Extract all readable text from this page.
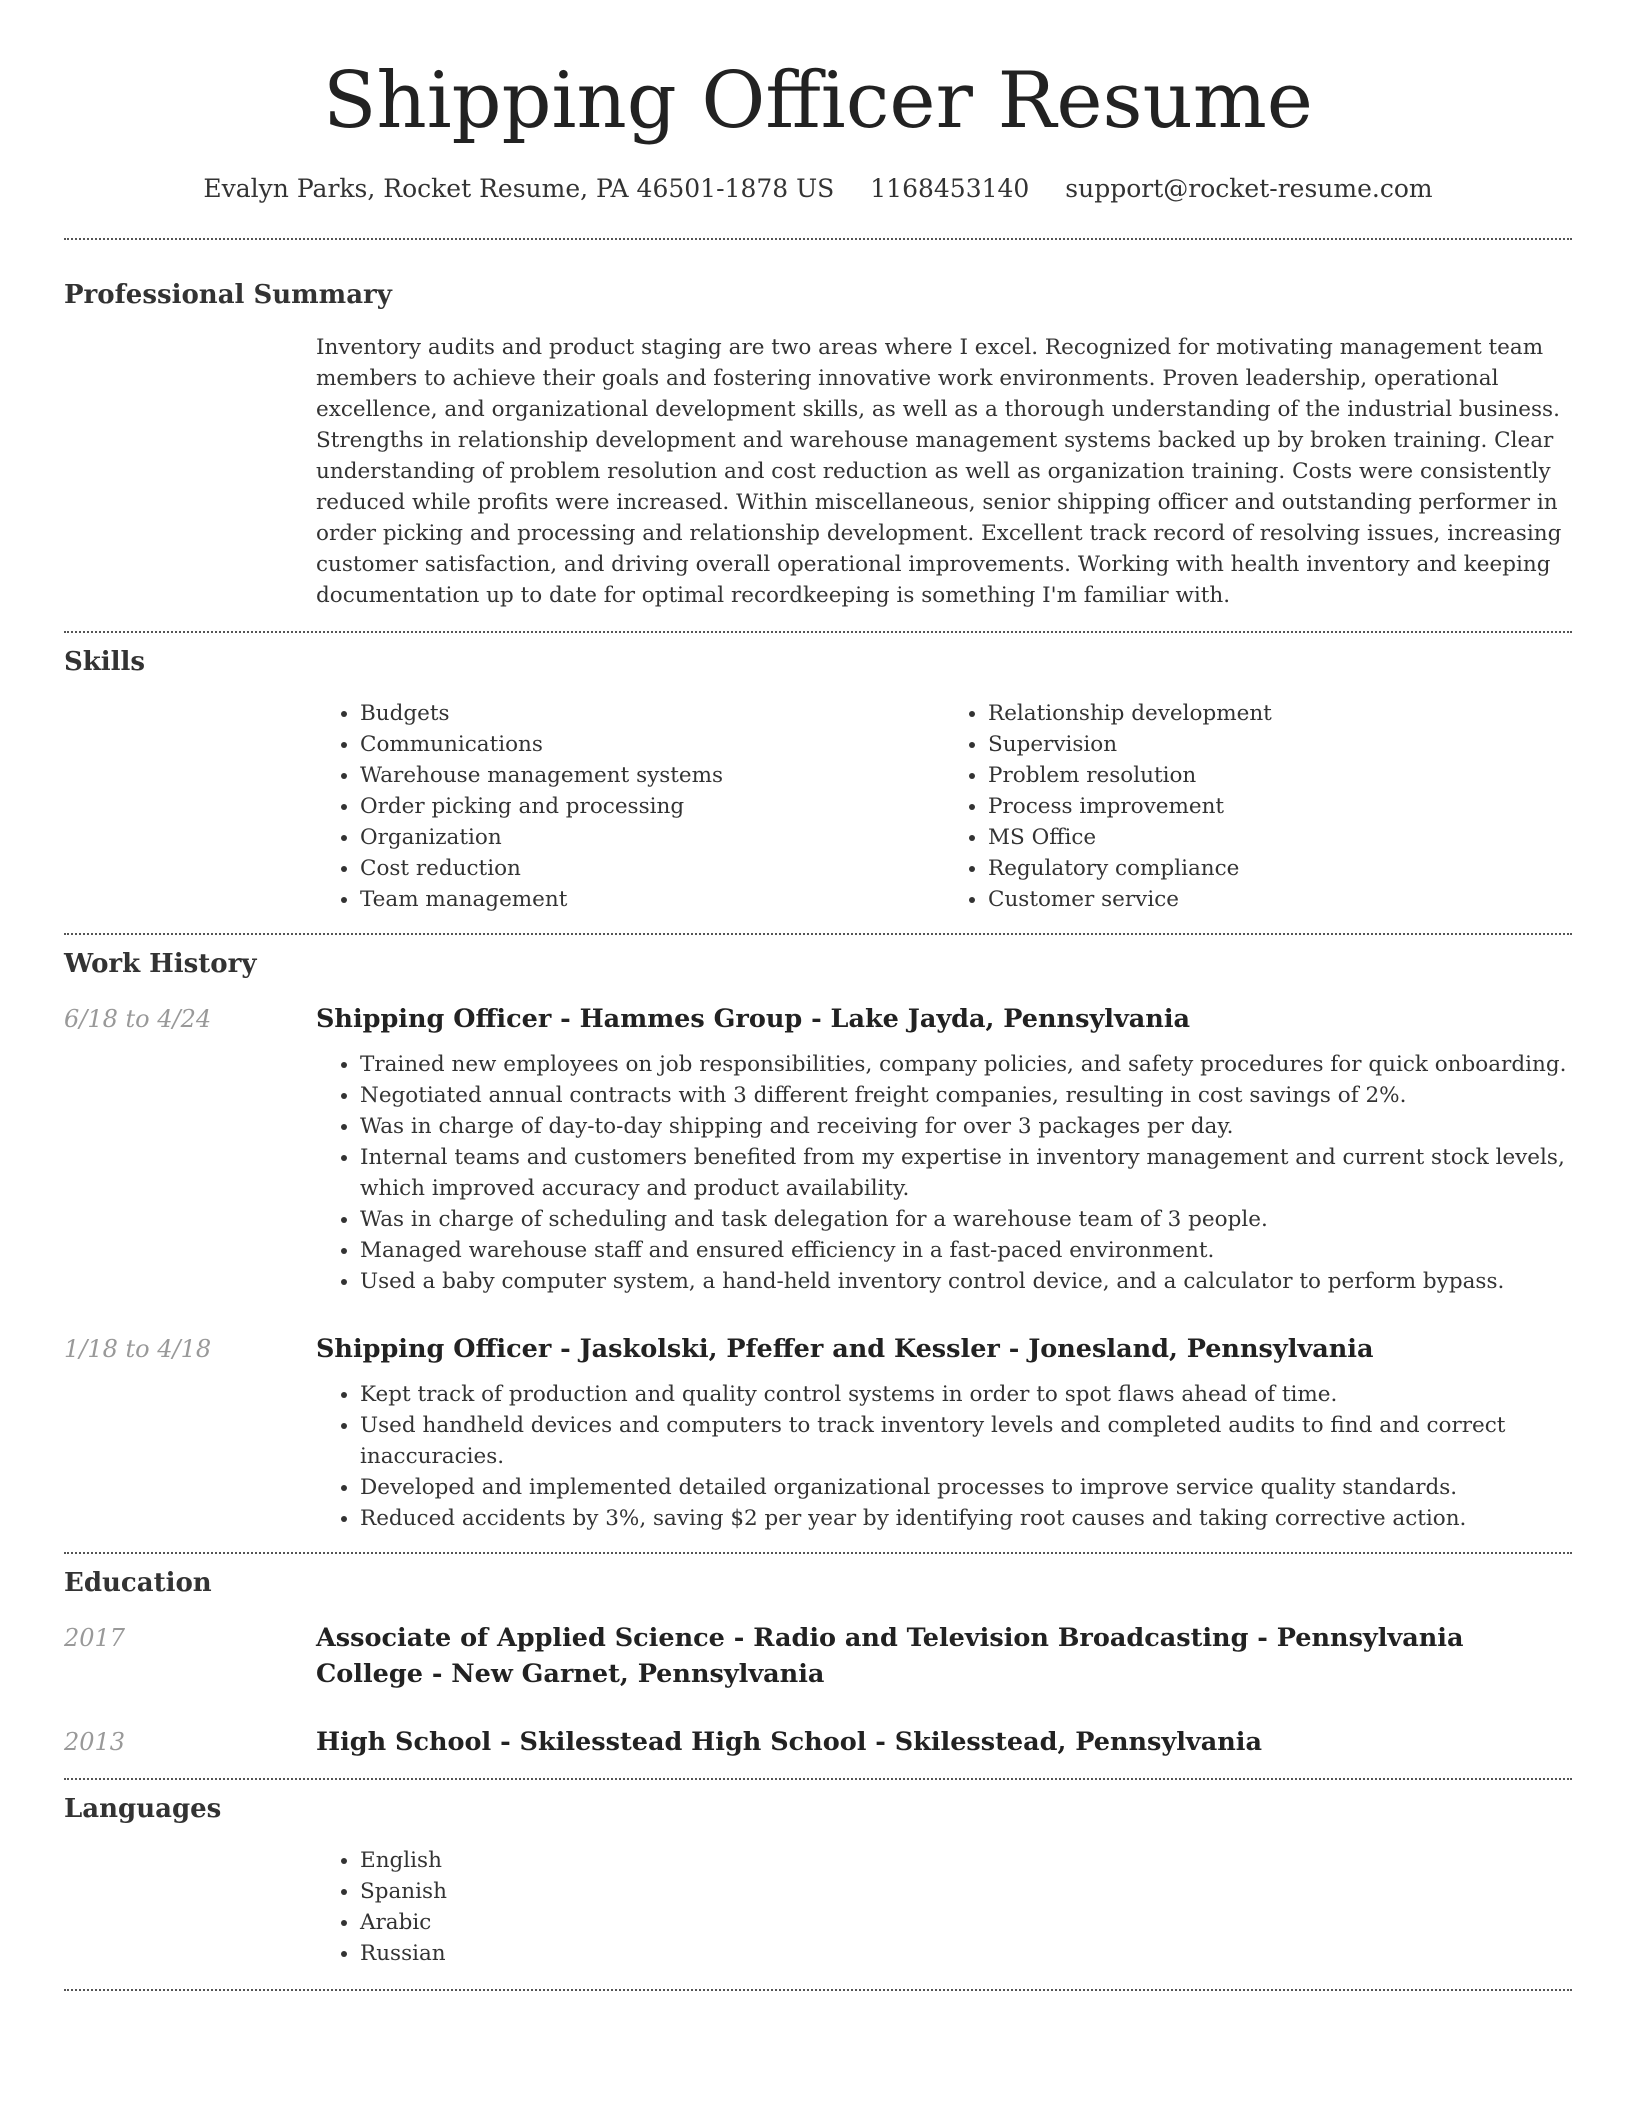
Shipping Officer Resume
Evalyn Parks, Rocket Resume, PA 46501-1878 US 1168453140 support@rocket-resume.com
Professional Summary

Inventory audits and product staging are two areas where I excel. Recognized for motivating management team members to achieve their goals and fostering innovative work environments. Proven leadership, operational excellence, and organizational development skills, as well as a thorough understanding of the industrial business. Strengths in relationship development and warehouse management systems backed up by broken training. Clear understanding of problem resolution and cost reduction as well as organization training. Costs were consistently reduced while profits were increased. Within miscellaneous, senior shipping officer and outstanding performer in order picking and processing and relationship development. Excellent track record of resolving issues, increasing customer satisfaction, and driving overall operational improvements. Working with health inventory and keeping documentation up to date for optimal recordkeeping is something I'm familiar with.

Skills
• Budgets
• Communications
• Warehouse management systems
• Order picking and processing
• Organization
• Cost reduction
• Team management
• Relationship development
• Supervision
• Problem resolution
• Process improvement
• MS Office
• Regulatory compliance
• Customer service
Work History
6/18 to 4/24	Shipping Officer - Hammes Group - Lake Jayda, Pennsylvania
• Trained new employees on job responsibilities, company policies, and safety procedures for quick onboarding.
• Negotiated annual contracts with 3 different freight companies, resulting in cost savings of 2%.
• Was in charge of day-to-day shipping and receiving for over 3 packages per day.
• Internal teams and customers benefited from my expertise in inventory management and current stock levels, which improved accuracy and product availability.
• Was in charge of scheduling and task delegation for a warehouse team of 3 people.
• Managed warehouse staff and ensured efficiency in a fast-paced environment.
• Used a baby computer system, a hand-held inventory control device, and a calculator to perform bypass.
1/18 to 4/18	Shipping Officer - Jaskolski, Pfeffer and Kessler - Jonesland, Pennsylvania
• Kept track of production and quality control systems in order to spot flaws ahead of time.
• Used handheld devices and computers to track inventory levels and completed audits to find and correct inaccuracies.
• Developed and implemented detailed organizational processes to improve service quality standards.
• Reduced accidents by 3%, saving $2 per year by identifying root causes and taking corrective action.
Education
2017	Associate of Applied Science - Radio and Television Broadcasting - Pennsylvania College - New Garnet, Pennsylvania
2013	High School - Skilesstead High School - Skilesstead, Pennsylvania
Languages
• English
• Spanish
• Arabic
• Russian
